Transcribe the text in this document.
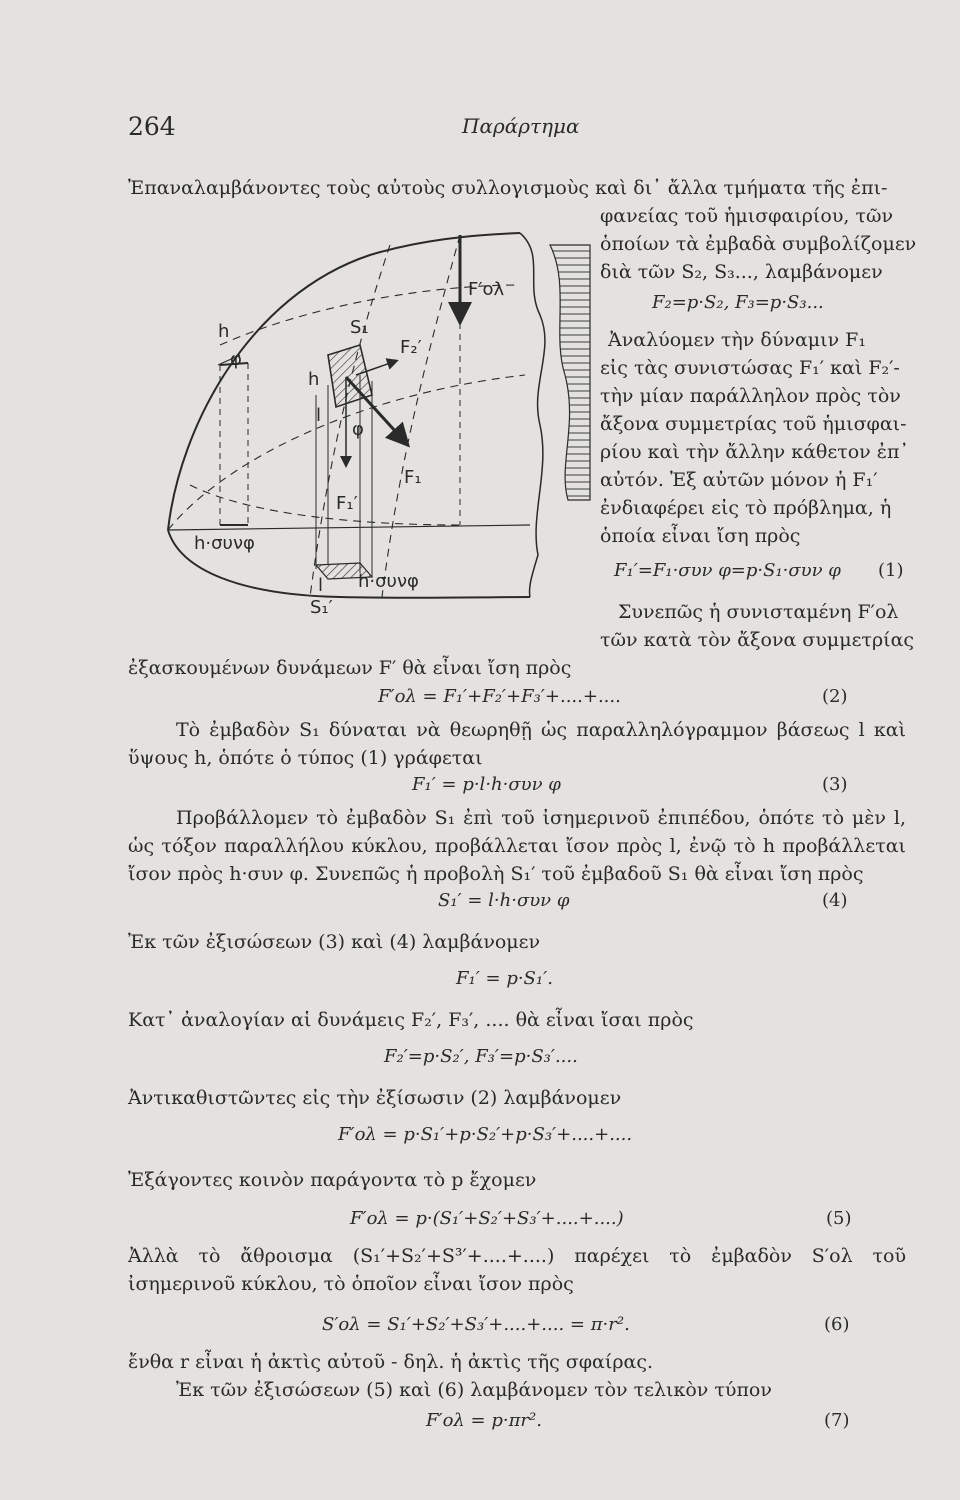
264	Παράρτημα
Ἐπαναλαμβάνοντες τοὺς αὐτοὺς συλλογισμοὺς καὶ δι᾽ ἄλλα τμήματα τῆς ἐπι-
φανείας τοῦ ἡμισφαιρίου, τῶν
ὁποίων τὰ ἐμβαδὰ συμβολίζομεν
διὰ τῶν S₂, S₃..., λαμβάνομεν
F₂=p·S₂, F₃=p·S₃...
Ἀναλύομεν τὴν δύναμιν F₁
εἰς τὰς συνιστώσας F₁′ καὶ F₂′-
τὴν μίαν παράλληλον πρὸς τὸν
ἄξονα συμμετρίας τοῦ ἡμισφαι-
ρίου καὶ τὴν ἄλλην κάθετον ἐπ᾽
αὐτόν. Ἐξ αὐτῶν μόνον ἡ F₁′
ἐνδιαφέρει εἰς τὸ πρόβλημα, ἡ
ὁποία εἶναι ἴση πρὸς
F₁′=F₁·συν φ=p·S₁·συν φ (1)
Συνεπῶς ἡ συνισταμένη F′ολ
τῶν κατὰ τὸν ἄξονα συμμετρίας
ἐξασκουμένων δυνάμεων F′ θὰ εἶναι ἴση πρὸς
F′ολ = F₁′+F₂′+F₃′+....+....	(2)
Τὸ ἐμβαδὸν S₁ δύναται νὰ θεωρηθῇ ὡς παραλληλόγραμμον βάσεως l καὶ ὕψους h, ὁπότε ὁ τύπος (1) γράφεται
F₁′ = p·l·h·συν φ	(3)
Προβάλλομεν τὸ ἐμβαδὸν S₁ ἐπὶ τοῦ ἰσημερινοῦ ἐπιπέδου, ὁπότε τὸ μὲν l, ὡς τόξον παραλλήλου κύκλου, προβάλλεται ἴσον πρὸς l, ἐνῷ τὸ h προβάλλεται ἴσον πρὸς h·συν φ. Συνεπῶς ἡ προβολὴ S₁′ τοῦ ἐμβαδοῦ S₁ θὰ εἶναι ἴση πρὸς
S₁′ = l·h·συν φ	(4)
Ἐκ τῶν ἐξισώσεων (3) καὶ (4) λαμβάνομεν
F₁′ = p·S₁′.
Κατ᾽ ἀναλογίαν αἱ δυνάμεις F₂′, F₃′, .... θὰ εἶναι ἴσαι πρὸς
F₂′=p·S₂′, F₃′=p·S₃′....
Ἀντικαθιστῶντες εἰς τὴν ἐξίσωσιν (2) λαμβάνομεν
F′ολ = p·S₁′+p·S₂′+p·S₃′+....+....
Ἐξάγοντες κοινὸν παράγοντα τὸ p ἔχομεν
F′ολ = p·(S₁′+S₂′+S₃′+....+....)	(5)
Ἀλλὰ τὸ ἄθροισμα (S₁′+S₂′+S³′+....+....) παρέχει τὸ ἐμβαδὸν S′ολ τοῦ ἰσημερινοῦ κύκλου, τὸ ὁποῖον εἶναι ἴσον πρὸς
S′ολ = S₁′+S₂′+S₃′+....+.... = π·r².	(6)
ἔνθα r εἶναι ἡ ἀκτὶς αὐτοῦ - δηλ. ἡ ἀκτὶς τῆς σφαίρας.
Ἐκ τῶν ἐξισώσεων (5) καὶ (6) λαμβάνομεν τὸν τελικὸν τύπον
F′ολ = p·πr².	(7)
h
φ
S₁
F₂′
F′ολ
h
l
φ
F₁
F₁′
h·συνφ
l h·συνφ
S₁′
